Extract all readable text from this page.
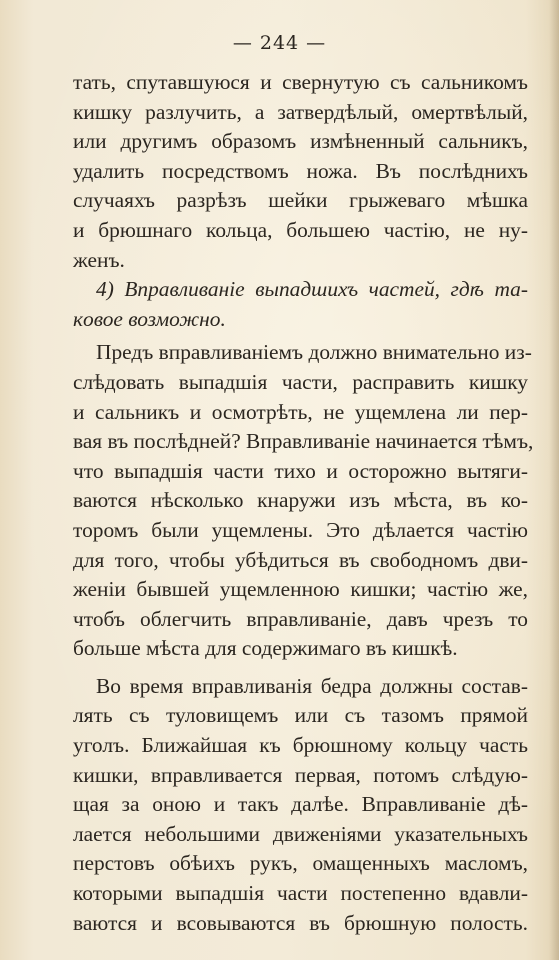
— 244 —
тать, спутавшуюся и свернутую съ сальникомъ
кишку разлучить, а затвердѣлый, омертвѣлый,
или другимъ образомъ измѣненный сальникъ,
удалить посредствомъ ножа. Въ послѣднихъ
случаяхъ разрѣзъ шейки грыжеваго мѣшка
и брюшнаго кольца, большею частію, не ну-
женъ.
4) Вправливаніе выпадшихъ частей, гдѣ та-
кoвое возможно.
Предъ вправливаніемъ должно внимательно из-
слѣдовать выпадшія части, расправить кишку
и сальникъ и осмотрѣть, не ущемлена ли пер-
вая въ послѣдней? Вправливаніе начинается тѣмъ,
что выпадшія части тихо и осторожно вытяги-
ваются нѣсколько кнаружи изъ мѣста, въ ко-
торомъ были ущемлены. Это дѣлается частію
для того, чтобы убѣдиться въ свободномъ дви-
женіи бывшей ущемленною кишки; частію же,
чтобъ облегчить вправливаніе, давъ чрезъ то
больше мѣста для содержимаго въ кишкѣ.
Во время вправливанія бедра должны состав-
лять съ туловищемъ или съ тазомъ прямой
уголъ. Ближайшая къ брюшному кольцу часть
кишки, вправливается первая, потомъ слѣдую-
щая за оною и такъ далѣе. Вправливаніе дѣ-
лается небольшими движеніями указательныхъ
перстовъ обѣихъ рукъ, омащенныхъ масломъ,
которыми выпадшія части постепенно вдавли-
ваются и всовываются въ брюшную полость.
